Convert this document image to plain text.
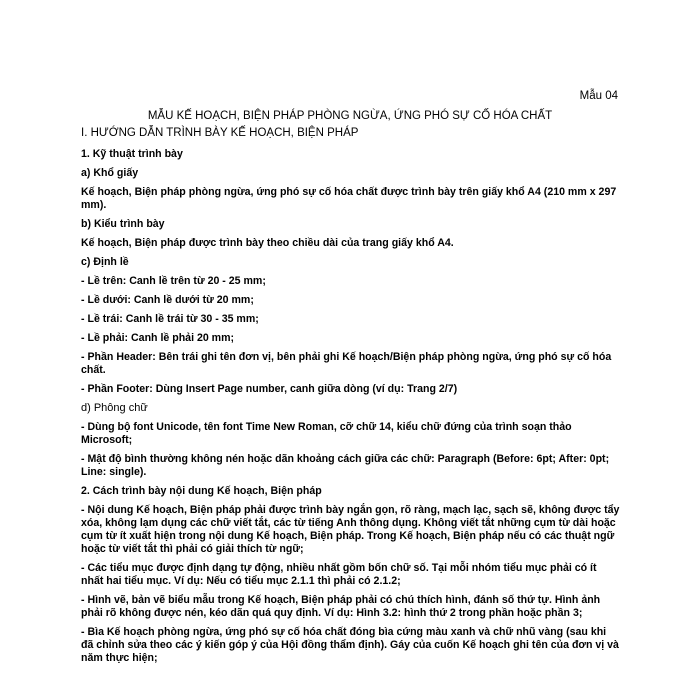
Mẫu 04
MẪU KẾ HOẠCH, BIỆN PHÁP PHÒNG NGỪA, ỨNG PHÓ SỰ CỐ HÓA CHẤT

I. HƯỚNG DẪN TRÌNH BÀY KẾ HOẠCH, BIỆN PHÁP

1. Kỹ thuật trình bày

a) Khổ giấy

Kế hoạch, Biện pháp phòng ngừa, ứng phó sự cố hóa chất được trình bày trên giấy khổ A4 (210 mm x 297 mm).

b) Kiểu trình bày

Kế hoạch, Biện pháp được trình bày theo chiều dài của trang giấy khổ A4.

c) Định lề

- Lề trên: Canh lề trên từ 20 - 25 mm;

- Lề dưới: Canh lề dưới từ 20 mm;

- Lề trái: Canh lề trái từ 30 - 35 mm;

- Lề phải: Canh lề phải 20 mm;

- Phần Header: Bên trái ghi tên đơn vị, bên phải ghi Kế hoạch/Biện pháp phòng ngừa, ứng phó sự cố hóa chất.

- Phần Footer: Dùng Insert Page number, canh giữa dòng (ví dụ: Trang 2/7)

d) Phông chữ

- Dùng bộ font Unicode, tên font Time New Roman, cỡ chữ 14, kiểu chữ đứng của trình soạn thảo Microsoft;

- Mật độ bình thường không nén hoặc dãn khoảng cách giữa các chữ: Paragraph (Before: 6pt; After: 0pt; Line: single).

2. Cách trình bày nội dung Kế hoạch, Biện pháp

- Nội dung Kế hoạch, Biện pháp phải được trình bày ngắn gọn, rõ ràng, mạch lạc, sạch sẽ, không được tẩy xóa, không lạm dụng các chữ viết tắt, các từ tiếng Anh thông dụng. Không viết tắt những cụm từ dài hoặc cụm từ ít xuất hiện trong nội dung Kế hoạch, Biện pháp. Trong Kế hoạch, Biện pháp nếu có các thuật ngữ hoặc từ viết tắt thì phải có giải thích từ ngữ;

- Các tiểu mục được định dạng tự động, nhiều nhất gồm bốn chữ số. Tại mỗi nhóm tiểu mục phải có ít nhất hai tiểu mục. Ví dụ: Nếu có tiểu mục 2.1.1 thì phải có 2.1.2;

- Hình vẽ, bản vẽ biểu mẫu trong Kế hoạch, Biện pháp phải có chú thích hình, đánh số thứ tự. Hình ảnh phải rõ không được nén, kéo dãn quá quy định. Ví dụ: Hình 3.2: hình thứ 2 trong phần hoặc phần 3;

- Bìa Kế hoạch phòng ngừa, ứng phó sự cố hóa chất đóng bìa cứng màu xanh và chữ nhũ vàng (sau khi đã chỉnh sửa theo các ý kiến góp ý của Hội đồng thẩm định). Gáy của cuốn Kế hoạch ghi tên của đơn vị và năm thực hiện;
